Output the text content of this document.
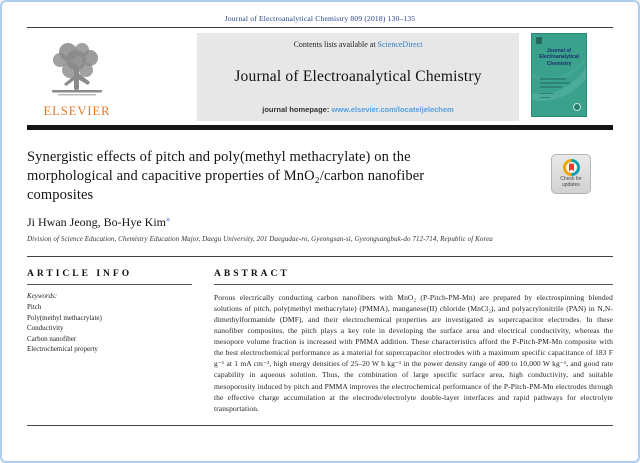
Journal of Electroanalytical Chemistry 809 (2018) 130–135
ELSEVIER
Contents lists available at ScienceDirect
Journal of Electroanalytical Chemistry
journal homepage: www.elsevier.com/locate/jelechem
Journal of Electroanalytical Chemistry
Synergistic effects of pitch and poly(methyl methacrylate) on the morphological and capacitive properties of MnO₂/carbon nanofiber composites
Check for updates
Ji Hwan Jeong, Bo-Hye Kim⁎
Division of Science Education, Chemistry Education Major, Daegu University, 201 Daegudae-ro, Gyeongsan-si, Gyeongsangbuk-do 712-714, Republic of Korea
ARTICLE INFO
Keywords:
Pitch
Poly(methyl methacrylate)
Conductivity
Carbon nanofiber
Electrochemical property
ABSTRACT
Porous electrically conducting carbon nanofibers with MnO₂ (P-Pitch-PM-Mn) are prepared by electrospinning blended solutions of pitch, poly(methyl methacrylate) (PMMA), manganese(II) chloride (MnCl₂), and polyacrylonitrile (PAN) in N,N-dimethylformamide (DMF), and their electrochemical properties are investigated as supercapacitor electrodes. In these nanofiber composites, the pitch plays a key role in developing the surface area and electrical conductivity, whereas the mesopore volume fraction is increased with PMMA addition. These characteristics afford the P-Pitch-PM-Mn composite with the best electrochemical performance as a material for supercapacitor electrodes with a maximum specific capacitance of 183 F g⁻¹ at 1 mA cm⁻², high energy densities of 25–20 W h kg⁻¹ in the power density range of 400 to 10,000 W kg⁻¹, and good rate capability in aqueous solution. Thus, the combination of large specific surface area, high conductivity, and suitable mesoporosity induced by pitch and PMMA improves the electrochemical performance of the P-Pitch-PM-Mn electrodes through the effective charge accumulation at the electrode/electrolyte double-layer interfaces and rapid pathways for electrolyte transportation.
